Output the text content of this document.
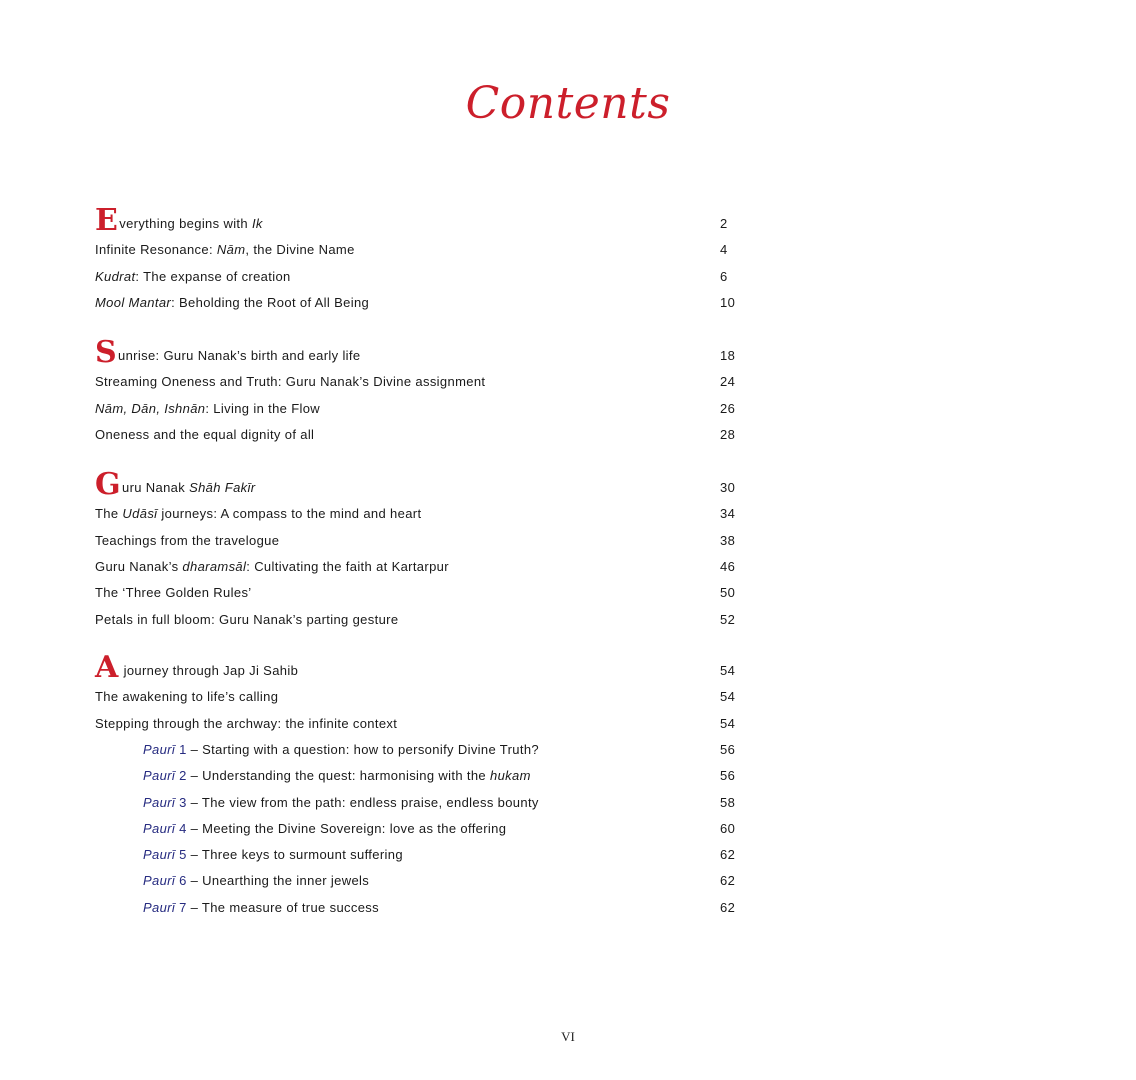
Contents
Everything begins with Ik	2
Infinite Resonance: Nām, the Divine Name	4
Kudrat: The expanse of creation	6
Mool Mantar: Beholding the Root of All Being	10
Sunrise: Guru Nanak’s birth and early life	18
Streaming Oneness and Truth: Guru Nanak’s Divine assignment	24
Nām, Dān, Ishnān: Living in the Flow	26
Oneness and the equal dignity of all	28
Guru Nanak Shāh Fakīr	30
The Udāsī journeys: A compass to the mind and heart	34
Teachings from the travelogue	38
Guru Nanak’s dharamsāl: Cultivating the faith at Kartarpur	46
The ‘Three Golden Rules’	50
Petals in full bloom: Guru Nanak’s parting gesture	52
A journey through Jap Ji Sahib	54
The awakening to life’s calling	54
Stepping through the archway: the infinite context	54
Paurī 1 – Starting with a question: how to personify Divine Truth?	56
Paurī 2 – Understanding the quest: harmonising with the hukam	56
Paurī 3 – The view from the path: endless praise, endless bounty	58
Paurī 4 – Meeting the Divine Sovereign: love as the offering	60
Paurī 5 – Three keys to surmount suffering	62
Paurī 6 – Unearthing the inner jewels	62
Paurī 7 – The measure of true success	62
VI
